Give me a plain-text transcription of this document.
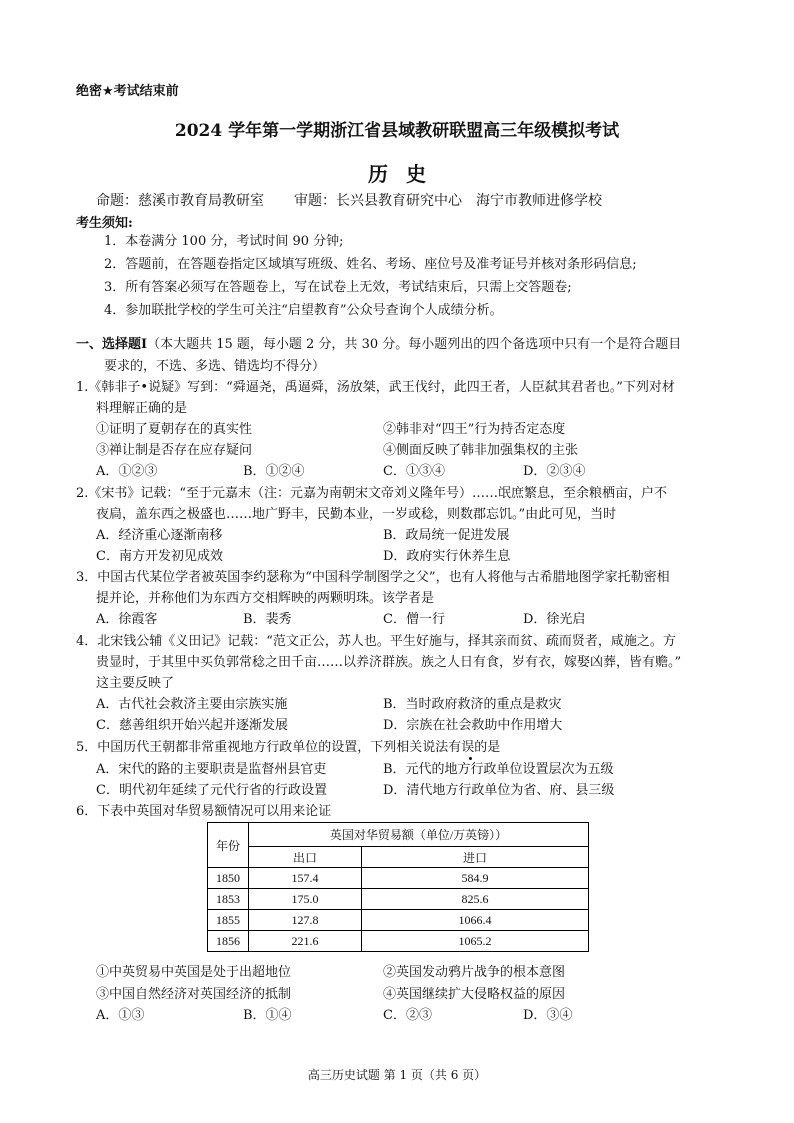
绝密★考试结束前
2024 学年第一学期浙江省县域教研联盟高三年级模拟考试
历史
命题：慈溪市教育局教研室 审题：长兴县教育研究中心　海宁市教师进修学校
考生须知:
1．本卷满分 100 分，考试时间 90 分钟;
2．答题前，在答题卷指定区域填写班级、姓名、考场、座位号及准考证号并核对条形码信息;
3．所有答案必须写在答题卷上，写在试卷上无效，考试结束后，只需上交答题卷;
4．参加联批学校的学生可关注“启望教育”公众号查询个人成绩分析。
一、选择题Ⅰ（本大题共 15 题，每小题 2 分，共 30 分。每小题列出的四个备选项中只有一个是符合题目
要求的，不选、多选、错选均不得分）
1.《韩非子•说疑》写到：“舜逼尧，禹逼舜，汤放桀，武王伐纣，此四王者，人臣弑其君者也。”下列对材
料理解正确的是
①证明了夏朝存在的真实性	②韩非对“四王”行为持否定态度
③禅让制是否存在应存疑问	④侧面反映了韩非加强集权的主张
A．①②③	B．①②④	C．①③④	D．②③④
2.《宋书》记载：“至于元嘉末（注：元嘉为南朝宋文帝刘义隆年号）……氓庶繁息，至余粮栖亩，户不
夜扃，盖东西之极盛也……地广野丰，民勤本业，一岁或稔，则数郡忘饥。”由此可见，当时
A．经济重心逐渐南移	B．政局统一促进发展
C．南方开发初见成效	D．政府实行休养生息
3．中国古代某位学者被英国李约瑟称为“中国科学制图学之父”，也有人将他与古希腊地图学家托勒密相
提并论，并称他们为东西方交相辉映的两颗明珠。该学者是
A．徐霞客	B．裴秀	C．僧一行	D．徐光启
4．北宋钱公辅《义田记》记载：“范文正公，苏人也。平生好施与，择其亲而贫、疏而贤者，咸施之。方
贵显时，于其里中买负郭常稔之田千亩……以养济群族。族之人日有食，岁有衣，嫁娶凶葬，皆有赡。”
这主要反映了
A．古代社会救济主要由宗族实施	B．当时政府救济的重点是救灾
C．慈善组织开始兴起并逐渐发展	D．宗族在社会救助中作用增大
5．中国历代王朝都非常重视地方行政单位的设置，下列相关说法有误的是
A．宋代的路的主要职责是监督州县官吏	B．元代的地方行政单位设置层次为五级
C．明代初年延续了元代行省的行政设置	D．清代地方行政单位为省、府、县三级
6．下表中英国对华贸易额情况可以用来论证
年份	英国对华贸易额（单位/万英镑））	
	出口	进口
1850	157.4	584.9
1853	175.0	825.6
1855	127.8	1066.4
1856	221.6	1065.2
①中英贸易中英国是处于出超地位	②英国发动鸦片战争的根本意图
③中国自然经济对英国经济的抵制	④英国继续扩大侵略权益的原因
A．①③	B．①④	C．②③	D．③④
高三历史试题 第 1 页（共 6 页）
